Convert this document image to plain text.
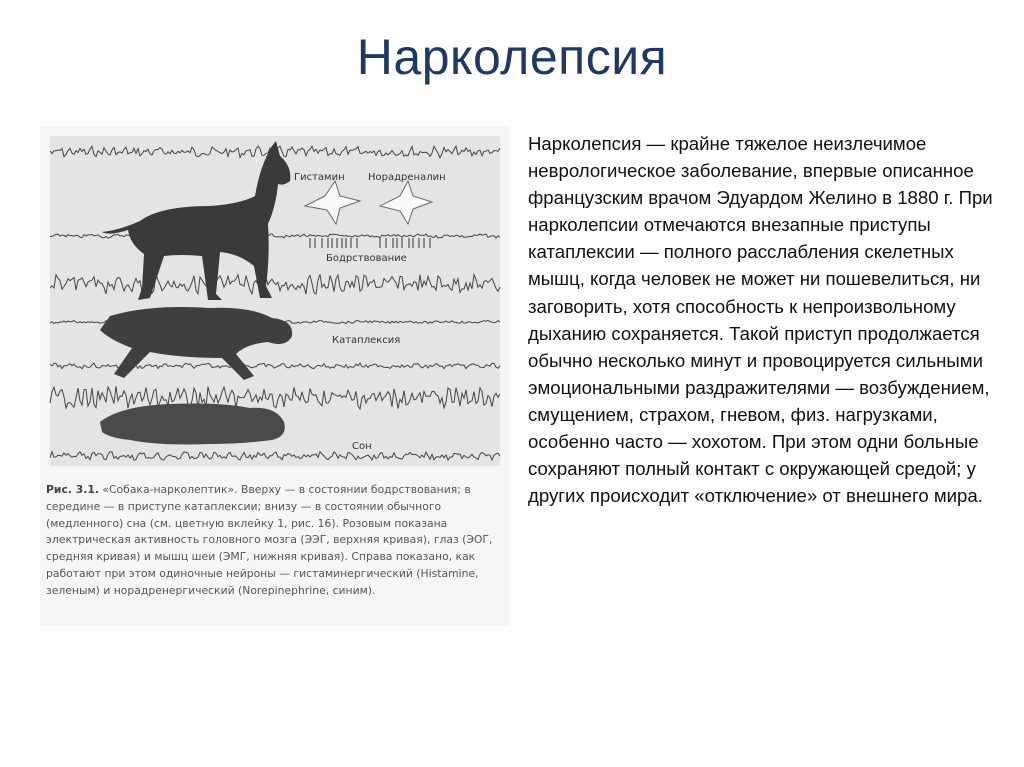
Нарколепсия
Гистамин Норадреналин
Бодрствование
Катаплексия
Сон
Рис. 3.1. «Собака-нарколептик». Вверху — в состоянии бодрствования; в середине — в приступе катаплексии; внизу — в состоянии обычного (медленного) сна (см. цветную вклейку 1, рис. 16). Розовым показана электрическая активность головного мозга (ЭЭГ, верхняя кривая), глаз (ЭОГ, средняя кривая) и мышц шеи (ЭМГ, нижняя кривая). Справа показано, как работают при этом одиночные нейроны — гистаминергический (Histamine, зеленым) и норадренергический (Norepinephrine, синим).
Нарколепсия — крайне тяжелое неизлечимое неврологическое заболевание, впервые описанное французским врачом Эдуардом Желино в 1880 г. При нарколепсии отмечаются внезапные приступы катаплексии — полного расслабления скелетных мышц, когда человек не может ни пошевелиться, ни заговорить, хотя способность к непроизвольному дыханию сохраняется. Такой приступ продолжается обычно несколько минут и провоцируется сильными эмоциональными раздражителями — возбуждением, смущением, страхом, гневом, физ. нагрузками, особенно часто — хохотом. При этом одни больные сохраняют полный контакт с окружающей средой; у других происходит «отключение» от внешнего мира.
